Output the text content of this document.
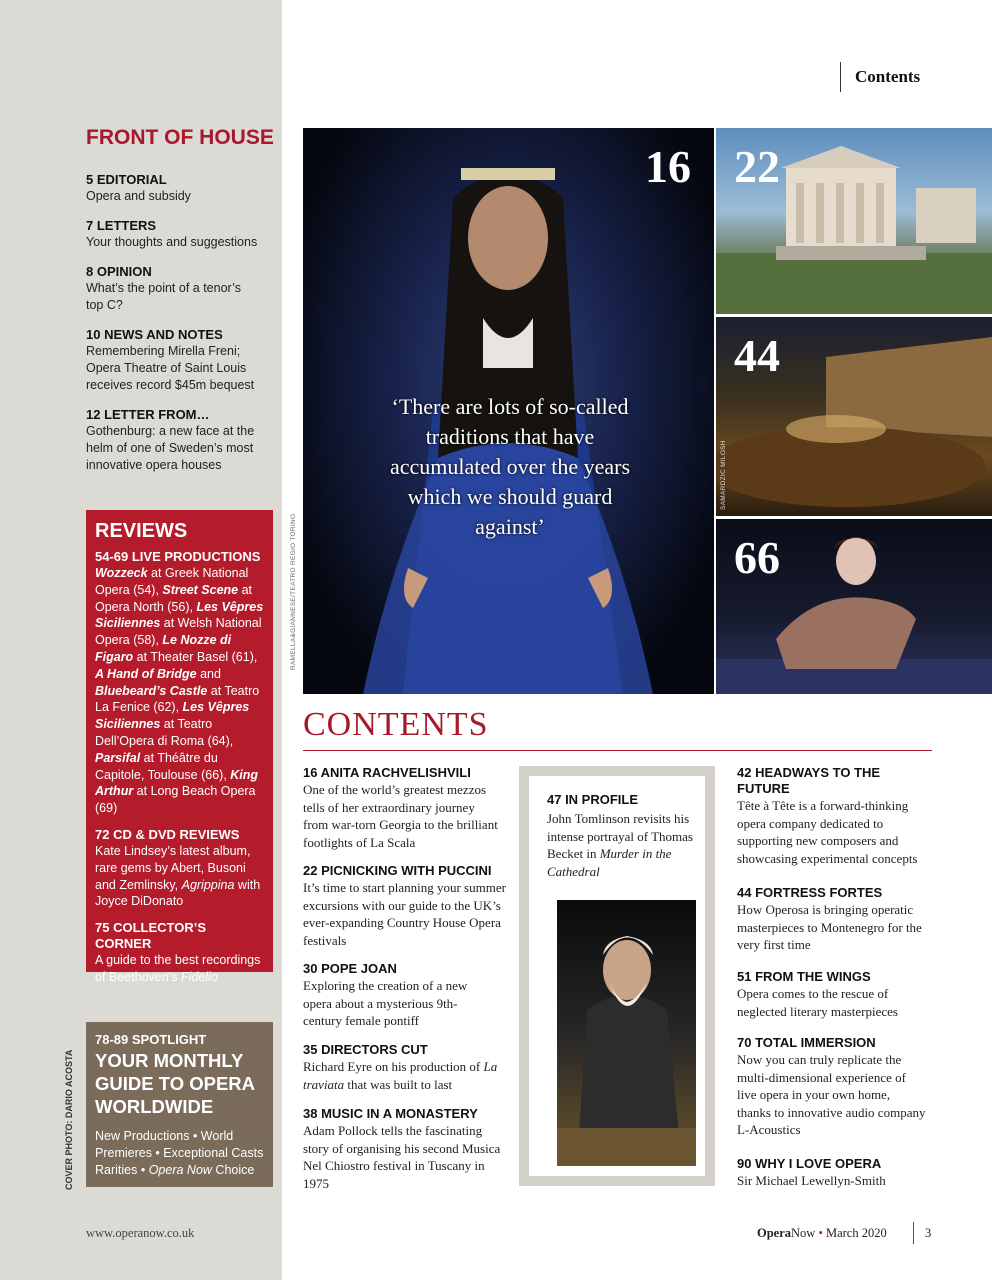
Contents
FRONT OF HOUSE
5 EDITORIAL
Opera and subsidy
7 LETTERS
Your thoughts and suggestions
8 OPINION
What’s the point of a tenor’s top C?
10 NEWS AND NOTES
Remembering Mirella Freni; Opera Theatre of Saint Louis receives record $45m bequest
12 LETTER FROM…
Gothenburg: a new face at the helm of one of Sweden’s most innovative opera houses
REVIEWS
54-69 LIVE PRODUCTIONS
Wozzeck at Greek National Opera (54), Street Scene at Opera North (56), Les Vêpres Siciliennes at Welsh National Opera (58), Le Nozze di Figaro at Theater Basel (61), A Hand of Bridge and Bluebeard’s Castle at Teatro La Fenice (62), Les Vêpres Siciliennes at Teatro Dell’Opera di Roma (64), Parsifal at Théâtre du Capitole, Toulouse (66), King Arthur at Long Beach Opera (69)
72 CD & DVD REVIEWS
Kate Lindsey’s latest album, rare gems by Abert, Busoni and Zemlinsky, Agrippina with Joyce DiDonato
75 COLLECTOR’S CORNER
A guide to the best recordings of Beethoven’s Fidelio
78-89 SPOTLIGHT
YOUR MONTHLY GUIDE TO OPERA WORLDWIDE
New Productions • World Premieres • Exceptional Casts Rarities • Opera Now Choice
COVER PHOTO: DARIO ACOSTA
16
‘There are lots of so-called traditions that have accumulated over the years which we should guard against’
RAMELLA&GIANNESE/TEATRO REGIO TORINO
22
44
SAMARDZIC MILOSH
66
CONTENTS
16 ANITA RACHVELISHVILI
One of the world’s greatest mezzos tells of her extraordinary journey from war-torn Georgia to the brilliant footlights of La Scala
22 PICNICKING WITH PUCCINI
It’s time to start planning your summer excursions with our guide to the UK’s ever-expanding Country House Opera festivals
30 POPE JOAN
Exploring the creation of a new opera about a mysterious 9th-century female pontiff
35 DIRECTORS CUT
Richard Eyre on his production of La traviata that was built to last
38 MUSIC IN A MONASTERY
Adam Pollock tells the fascinating story of organising his second Musica Nel Chiostro festival in Tuscany in 1975
47 IN PROFILE
John Tomlinson revisits his intense portrayal of Thomas Becket in Murder in the Cathedral
42 HEADWAYS TO THE FUTURE
Tête à Tête is a forward-thinking opera company dedicated to supporting new composers and showcasing experimental concepts
44 FORTRESS FORTES
How Operosa is bringing operatic masterpieces to Montenegro for the very first time
51 FROM THE WINGS
Opera comes to the rescue of neglected literary masterpieces
70 TOTAL IMMERSION
Now you can truly replicate the multi-dimensional experience of live opera in your own home, thanks to innovative audio company L-Acoustics
90 WHY I LOVE OPERA
Sir Michael Lewellyn-Smith
www.operanow.co.uk	OperaNow • March 2020	3
